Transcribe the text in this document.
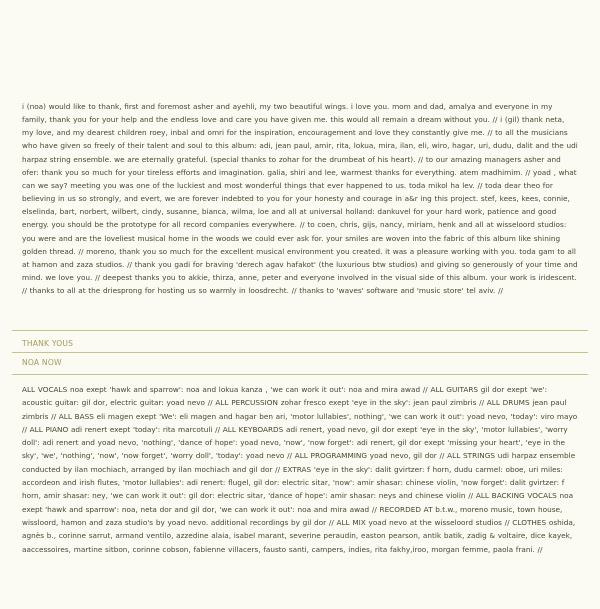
i (noa) would like to thank, first and foremost asher and ayehli, my two beautiful wings. i love you. mom and dad, amalya and everyone in my family, thank you for your help and the endless love and care you have given me. this would all remain a dream without you. // i (gil) thank neta, my love, and my dearest children roey, inbal and omri for the inspiration, encouragement and love they constantly give me. // to all the musicians who have given so freely of their talent and soul to this album: adi, jean paul, amir, rita, lokua, mira, ilan, eli, wiro, hagar, uri, dudu, dalit and the udi harpaz string ensemble. we are eternally grateful. (special thanks to zohar for the drumbeat of his heart). // to our amazing managers asher and ofer: thank you so much for your tireless efforts and imagination. galia, shiri and lee, warmest thanks for everything. atem madhimim. // yoad , what can we say? meeting you was one of the luckiest and most wonderful things that ever happened to us. toda mikol ha lev. // toda dear theo for believing in us so strongly, and evert, we are forever indebted to you for your honesty and courage in a&r ing this project. stef, kees, kees, connie, elselinda, bart, norbert, wilbert, cindy, susanne, bianca, wilma, loe and all at universal holland: dankuvel for your hard work, patience and good energy. you should be the prototype for all record companies everywhere. // to coen, chris, gijs, nancy, miriam, henk and all at wisseloord studios: you were and are the loveliest musical home in the woods we could ever ask for. your smiles are woven into the fabric of this album like shining golden thread. // moreno, thank you so much for the excellent musical environment you created. it was a pleasure working with you. toda gam to all at hamon and zaza studios. // thank you gadi for braving 'derech agav hafakot' (the luxurious btw studios) and giving so generously of your time and mind. we love you. // deepest thanks you to akkie, thirza, anne, peter and everyone involved in the visual side of this album. your work is iridescent. // thanks to all at the driesprong for hosting us so warmly in loosdrecht. // thanks to 'waves' software and 'music store' tel aviv. //

THANK YOUS

NOA NOW

ALL VOCALS noa exept 'hawk and sparrow': noa and lokua kanza , 'we can work it out': noa and mira awad // ALL GUITARS gil dor exept 'we': acoustic guitar: gil dor, electric guitar: yoad nevo // ALL PERCUSSION zohar fresco exept 'eye in the sky': jean paul zimbris // ALL DRUMS jean paul zimbris // ALL BASS eli magen exept 'We': eli magen and hagar ben ari, 'motor lullabies', nothing', 'we can work it out': yoad nevo, 'today': viro mayo // ALL PIANO adi renert exept 'today': rita marcotuli // ALL KEYBOARDS adi renert, yoad nevo, gil dor exept 'eye in the sky', 'motor lullabies', 'worry doll': adi renert and yoad nevo, 'nothing', 'dance of hope': yoad nevo, 'now', 'now forget': adi renert, gil dor exept 'missing your heart', 'eye in the sky', 'we', 'nothing', 'now', 'now forget', 'worry doll', 'today': yoad nevo // ALL PROGRAMMING yoad nevo, gil dor // ALL STRINGS udi harpaz ensemble conducted by ilan mochiach, arranged by ilan mochiach and gil dor // EXTRAS 'eye in the sky': dalit gvirtzer: f horn, dudu carmel: oboe, uri miles: accordeon and irish flutes, 'motor lullabies': adi renert: flugel, gil dor: electric sitar, 'now': amir shasar: chinese violin, 'now forget': dalit gvirtzer: f horn, amir shasar: ney, 'we can work it out': gil dor: electric sitar, 'dance of hope': amir shasar: neys and chinese violin // ALL BACKING VOCALS noa exept 'hawk and sparrow': noa, neta dor and gil dor, 'we can work it out': noa and mira awad // RECORDED AT b.t.w., moreno music, town house, wissloord, hamon and zaza studio's by yoad nevo. additional recordings by gil dor // ALL MIX yoad nevo at the wisseloord studios // CLOTHES oshida, agnès b., corinne sarrut, armand ventilo, azzedine alaia, isabel marant, severine peraudin, easton pearson, antik batik, zadig & voltaire, dice kayek, aaccessoires, martine sitbon, corinne cobson, fabienne villacers, fausto santi, campers, indies, rita fakhy,iroo, morgan femme, paola frani. //
